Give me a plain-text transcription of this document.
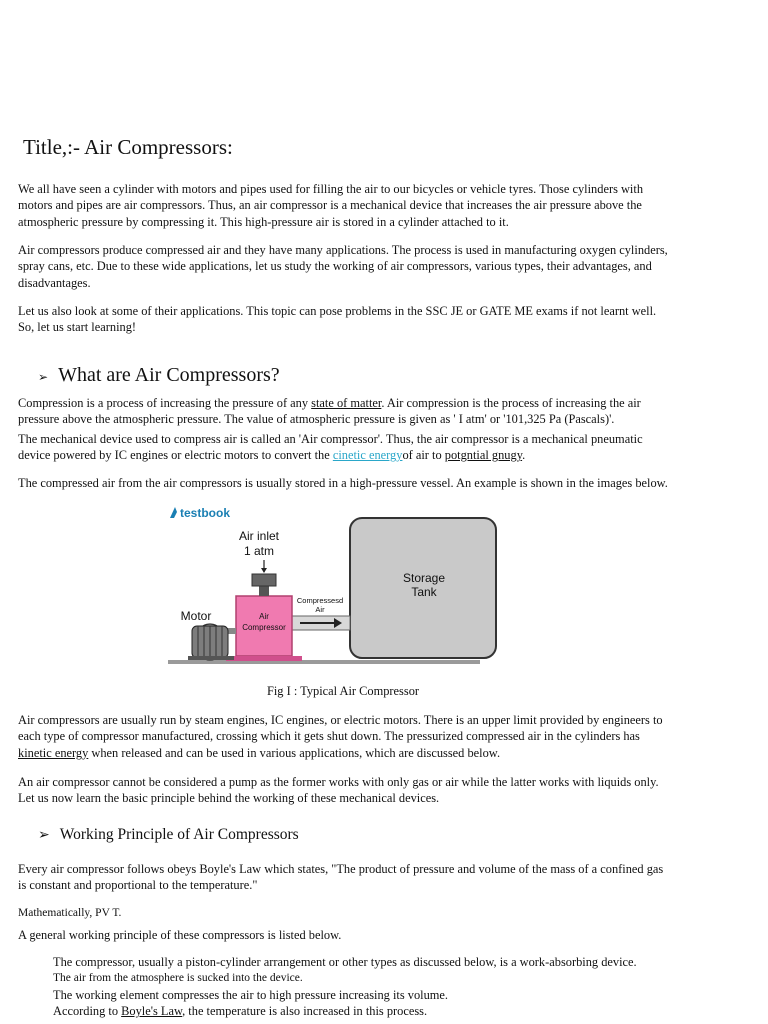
Title,:- Air Compressors:

We all have seen a cylinder with motors and pipes used for filling the air to our bicycles or vehicle tyres. Those cylinders with motors and pipes are air compressors. Thus, an air compressor is a mechanical device that increases the air pressure above the atmospheric pressure by compressing it. This high-pressure air is stored in a cylinder attached to it.

Air compressors produce compressed air and they have many applications. The process is used in manufacturing oxygen cylinders, spray cans, etc. Due to these wide applications, let us study the working of air compressors, various types, their advantages, and disadvantages.

Let us also look at some of their applications. This topic can pose problems in the SSC JE or GATE ME exams if not learnt well. So, let us start learning!

➢ What are Air Compressors?

Compression is a process of increasing the pressure of any state of matter. Air compression is the process of increasing the air pressure above the atmospheric pressure. The value of atmospheric pressure is given as ' I atm' or '101,325 Pa (Pascals)'.

The mechanical device used to compress air is called an 'Air compressor'. Thus, the air compressor is a mechanical pneumatic device powered by IC engines or electric motors to convert the cinetic energyof air to potgntial gnugy.

The compressed air from the air compressors is usually stored in a high-pressure vessel. An example is shown in the images below.

testbook
Storage
Tank
Compressesd
Air
Air
Compressor
Air inlet
1 atm
Motor

Fig I : Typical Air Compressor

Air compressors are usually run by steam engines, IC engines, or electric motors. There is an upper limit provided by engineers to each type of compressor manufactured, crossing which it gets shut down. The pressurized compressed air in the cylinders has kinetic energy when released and can be used in various applications, which are discussed below.

An air compressor cannot be considered a pump as the former works with only gas or air while the latter works with liquids only. Let us now learn the basic principle behind the working of these mechanical devices.

➢ Working Principle of Air Compressors

Every air compressor follows obeys Boyle's Law which states, "The product of pressure and volume of the mass of a confined gas is constant and proportional to the temperature."

Mathematically, PV T.

A general working principle of these compressors is listed below.

The compressor, usually a piston-cylinder arrangement or other types as discussed below, is a work-absorbing device.
The air from the atmosphere is sucked into the device.
The working element compresses the air to high pressure increasing its volume.
According to Boyle's Law, the temperature is also increased in this process.
